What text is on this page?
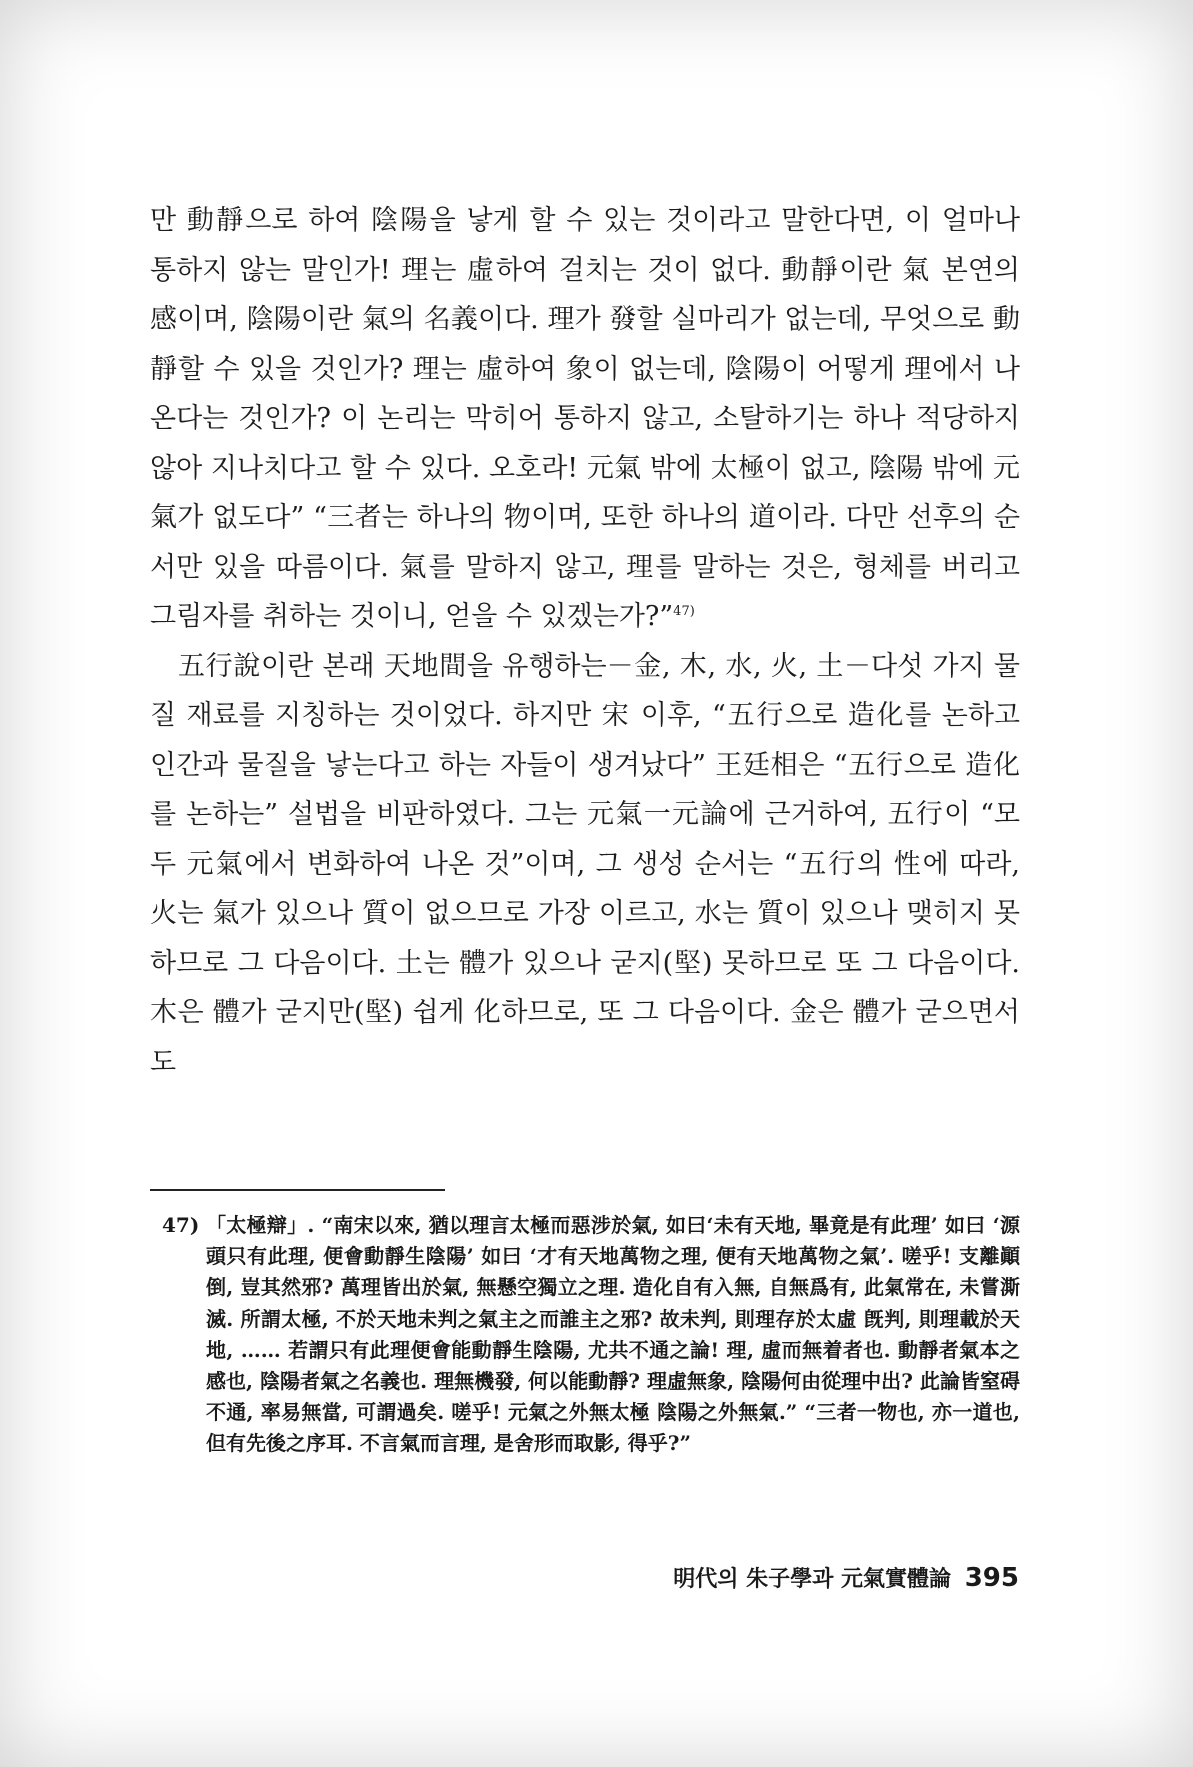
만 動靜으로 하여 陰陽을 낳게 할 수 있는 것이라고 말한다면, 이 얼마나 통하지 않는 말인가! 理는 虛하여 걸치는 것이 없다. 動靜이란 氣 본연의 感이며, 陰陽이란 氣의 名義이다. 理가 發할 실마리가 없는데, 무엇으로 動靜할 수 있을 것인가? 理는 虛하여 象이 없는데, 陰陽이 어떻게 理에서 나온다는 것인가? 이 논리는 막히어 통하지 않고, 소탈하기는 하나 적당하지 않아 지나치다고 할 수 있다. 오호라! 元氣 밖에 太極이 없고, 陰陽 밖에 元氣가 없도다” “三者는 하나의 物이며, 또한 하나의 道이라. 다만 선후의 순서만 있을 따름이다. 氣를 말하지 않고, 理를 말하는 것은, 형체를 버리고 그림자를 취하는 것이니, 얻을 수 있겠는가?”$^{47)}$

五行說이란 본래 天地間을 유행하는－金, 木, 水, 火, 土－다섯 가지 물질 재료를 지칭하는 것이었다. 하지만 宋 이후, “五行으로 造化를 논하고 인간과 물질을 낳는다고 하는 자들이 생겨났다” 王廷相은 “五行으로 造化를 논하는” 설법을 비판하였다. 그는 元氣一元論에 근거하여, 五行이 “모두 元氣에서 변화하여 나온 것”이며, 그 생성 순서는 “五行의 性에 따라, 火는 氣가 있으나 質이 없으므로 가장 이르고, 水는 質이 있으나 맺히지 못하므로 그 다음이다. 土는 體가 있으나 굳지(堅) 못하므로 또 그 다음이다. 木은 體가 굳지만(堅) 쉽게 化하므로, 또 그 다음이다. 金은 體가 굳으면서도

47) 「太極辯」. “南宋以來, 猶以理言太極而惡涉於氣, 如曰‘未有天地, 畢竟是有此理’ 如曰 ‘源頭只有此理, 便會動靜生陰陽’ 如曰 ‘才有天地萬物之理, 便有天地萬物之氣’. 嗟乎! 支離顚倒, 豈其然邪? 萬理皆出於氣, 無懸空獨立之理. 造化自有入無, 自無爲有, 此氣常在, 未嘗澌滅. 所謂太極, 不於天地未判之氣主之而誰主之邪? 故未判, 則理存於太虛 旣判, 則理載於天地, …… 若謂只有此理便會能動靜生陰陽, 尤共不通之論! 理, 虛而無着者也. 動靜者氣本之感也, 陰陽者氣之名義也. 理無機發, 何以能動靜? 理虛無象, 陰陽何由從理中出? 此論皆窒碍不通, 率易無當, 可謂過矣. 嗟乎! 元氣之外無太極 陰陽之外無氣.” “三者一物也, 亦一道也, 但有先後之序耳. 不言氣而言理, 是舍形而取影, 得乎?”
明代의 朱子學과 元氣實體論 395
